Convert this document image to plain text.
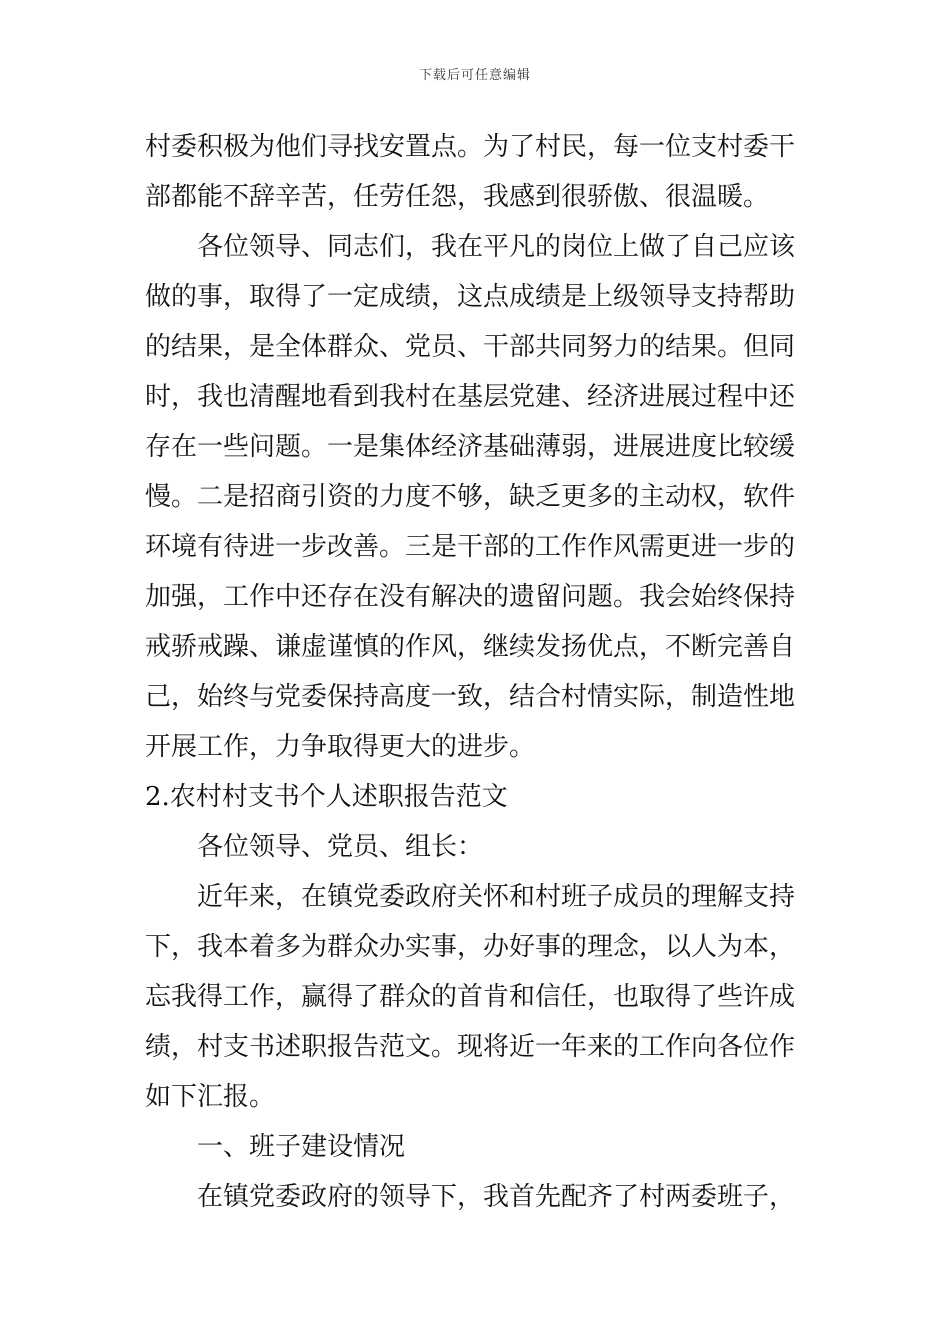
下载后可任意编辑
村委积极为他们寻找安置点。为了村民，每一位支村委干
部都能不辞辛苦，任劳任怨，我感到很骄傲、很温暖。
各位领导、同志们，我在平凡的岗位上做了自己应该
做的事，取得了一定成绩，这点成绩是上级领导支持帮助
的结果，是全体群众、党员、干部共同努力的结果。但同
时，我也清醒地看到我村在基层党建、经济进展过程中还
存在一些问题。一是集体经济基础薄弱，进展进度比较缓
慢。二是招商引资的力度不够，缺乏更多的主动权，软件
环境有待进一步改善。三是干部的工作作风需更进一步的
加强，工作中还存在没有解决的遗留问题。我会始终保持
戒骄戒躁、谦虚谨慎的作风，继续发扬优点，不断完善自
己，始终与党委保持高度一致，结合村情实际，制造性地
开展工作，力争取得更大的进步。
2.农村村支书个人述职报告范文
各位领导、党员、组长：
近年来，在镇党委政府关怀和村班子成员的理解支持
下，我本着多为群众办实事，办好事的理念，以人为本，
忘我得工作，赢得了群众的首肯和信任，也取得了些许成
绩，村支书述职报告范文。现将近一年来的工作向各位作
如下汇报。
一、班子建设情况
在镇党委政府的领导下，我首先配齐了村两委班子，
